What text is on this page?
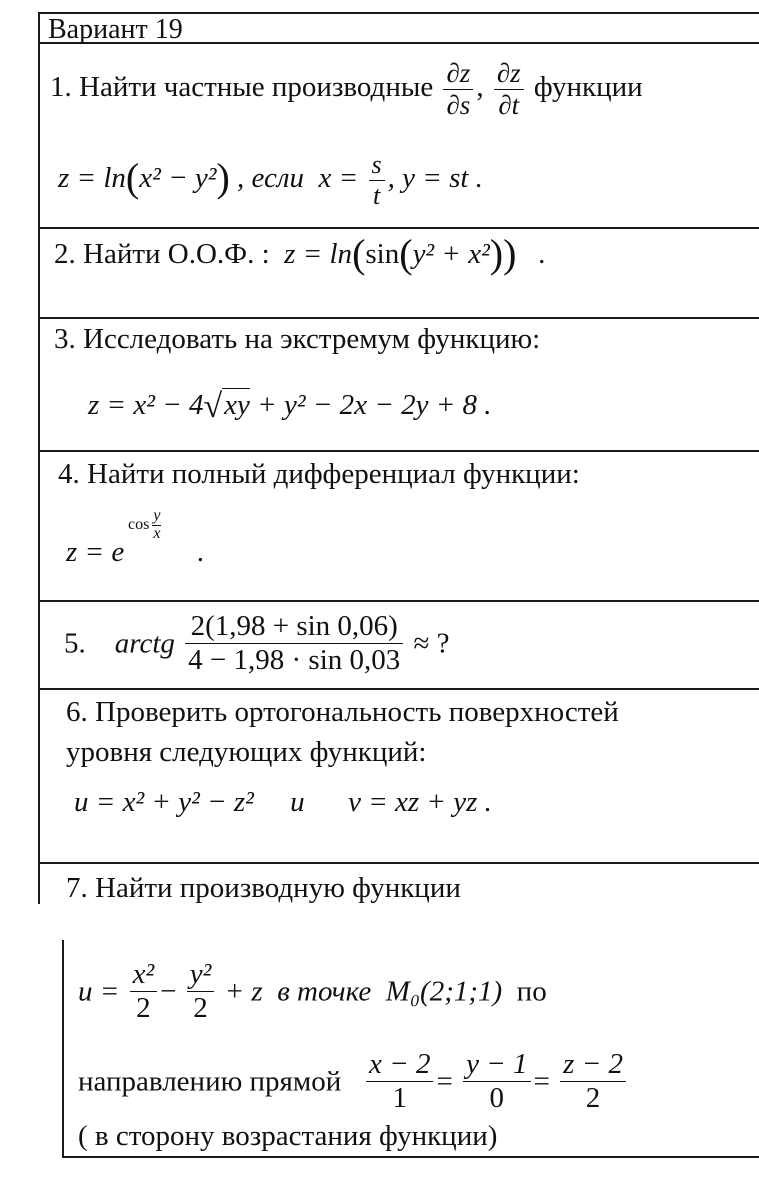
Вариант 19
1. Найти частные производные $\frac{\partial z}{\partial s}$ , $\frac{\partial z}{\partial t}$ функции
z = ln(x² − y²) , если $x = \frac{s}{t}$ , y = st .
2. Найти О.О.Ф. : z = ln(sin(y² + x²)) .
3. Исследовать на экстремум функцию:
z = x² − 4√xy + y² − 2x − 2y + 8 .
4. Найти полный дифференциал функции:
z = e
$\cos \frac{y}{x}$
.
5. arctg $\frac{2(1,98 + \sin 0,06)}{4 - 1,98 \cdot \sin 0,03}$ ≈ ?
6. Проверить ортогональность поверхностей
уровня следующих функций:
u = x² + y² − z² и v = xz + yz .
7. Найти производную функции
$u = \frac{\text{x²}}{2} - \frac{\text{y²}}{2} + z$ в точке M₀(2;1;1) по
направлению прямой $\frac{x - 2}{1} = \frac{y - 1}{0} = \frac{z - 2}{2}$
( в сторону возрастания функции)
